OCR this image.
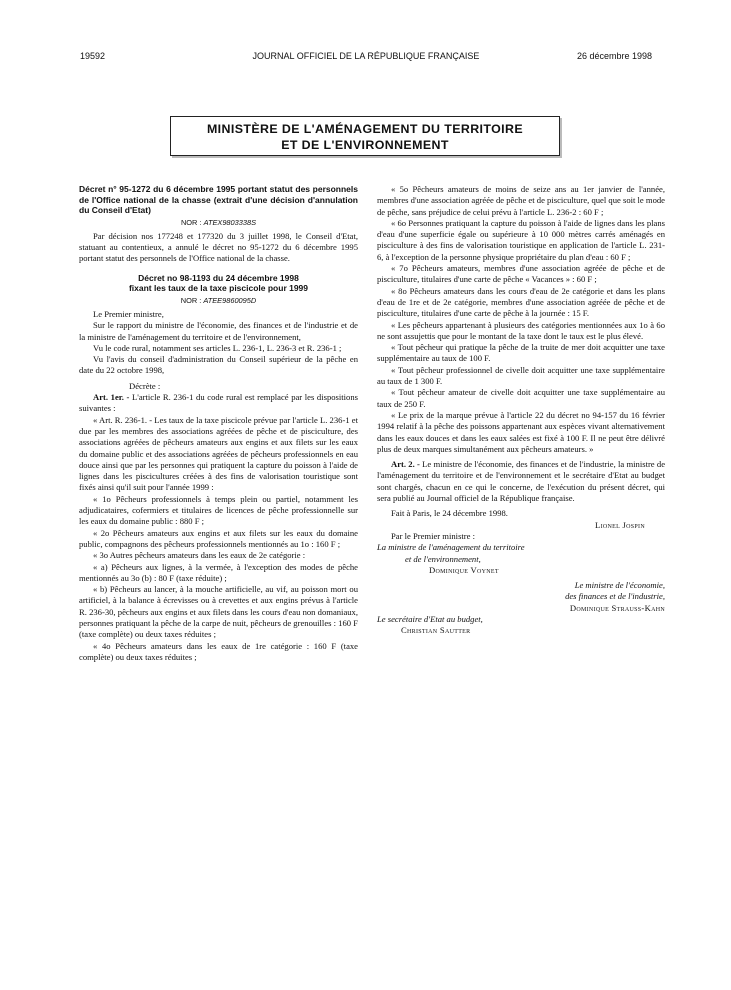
19592	JOURNAL OFFICIEL DE LA RÉPUBLIQUE FRANÇAISE	26 décembre 1998
MINISTÈRE DE L'AMÉNAGEMENT DU TERRITOIRE
ET DE L'ENVIRONNEMENT

Décret n° 95-1272 du 6 décembre 1995 portant statut des personnels de l'Office national de la chasse (extrait d'une décision d'annulation du Conseil d'Etat)

NOR : ATEX9803338S

Par décision nos 177248 et 177320 du 3 juillet 1998, le Conseil d'Etat, statuant au contentieux, a annulé le décret no 95-1272 du 6 décembre 1995 portant statut des personnels de l'Office national de la chasse.

Décret no 98-1193 du 24 décembre 1998

fixant les taux de la taxe piscicole pour 1999

NOR : ATEE9860095D

Le Premier ministre,

Sur le rapport du ministre de l'économie, des finances et de l'industrie et de la ministre de l'aménagement du territoire et de l'environnement,

Vu le code rural, notamment ses articles L. 236-1, L. 236-3 et R. 236-1 ;

Vu l'avis du conseil d'administration du Conseil supérieur de la pêche en date du 22 octobre 1998,

Décrète :

Art. 1er. - L'article R. 236-1 du code rural est remplacé par les dispositions suivantes :

« Art. R. 236-1. - Les taux de la taxe piscicole prévue par l'article L. 236-1 et due par les membres des associations agréées de pêche et de pisciculture, des associations agréées de pêcheurs amateurs aux engins et aux filets sur les eaux du domaine public et des associations agréées de pêcheurs professionnels en eau douce ainsi que par les personnes qui pratiquent la capture du poisson à l'aide de lignes dans les piscicultures créées à des fins de valorisation touristique sont fixés ainsi qu'il suit pour l'année 1999 :

« 1o Pêcheurs professionnels à temps plein ou partiel, notamment les adjudicataires, cofermiers et titulaires de licences de pêche professionnelle sur les eaux du domaine public : 880 F ;

« 2o Pêcheurs amateurs aux engins et aux filets sur les eaux du domaine public, compagnons des pêcheurs professionnels mentionnés au 1o : 160 F ;

« 3o Autres pêcheurs amateurs dans les eaux de 2e catégorie :

« a) Pêcheurs aux lignes, à la vermée, à l'exception des modes de pêche mentionnés au 3o (b) : 80 F (taxe réduite) ;

« b) Pêcheurs au lancer, à la mouche artificielle, au vif, au poisson mort ou artificiel, à la balance à écrevisses ou à crevettes et aux engins prévus à l'article R. 236-30, pêcheurs aux engins et aux filets dans les cours d'eau non domaniaux, personnes pratiquant la pêche de la carpe de nuit, pêcheurs de grenouilles : 160 F (taxe complète) ou deux taxes réduites ;

« 4o Pêcheurs amateurs dans les eaux de 1re catégorie : 160 F (taxe complète) ou deux taxes réduites ;

« 5o Pêcheurs amateurs de moins de seize ans au 1er janvier de l'année, membres d'une association agréée de pêche et de pisciculture, quel que soit le mode de pêche, sans préjudice de celui prévu à l'article L. 236-2 : 60 F ;

« 6o Personnes pratiquant la capture du poisson à l'aide de lignes dans les plans d'eau d'une superficie égale ou supérieure à 10 000 mètres carrés aménagés en pisciculture à des fins de valorisation touristique en application de l'article L. 231-6, à l'exception de la personne physique propriétaire du plan d'eau : 60 F ;

« 7o Pêcheurs amateurs, membres d'une association agréée de pêche et de pisciculture, titulaires d'une carte de pêche « Vacances » : 60 F ;

« 8o Pêcheurs amateurs dans les cours d'eau de 2e catégorie et dans les plans d'eau de 1re et de 2e catégorie, membres d'une association agréée de pêche et de pisciculture, titulaires d'une carte de pêche à la journée : 15 F.

« Les pêcheurs appartenant à plusieurs des catégories mentionnées aux 1o à 6o ne sont assujettis que pour le montant de la taxe dont le taux est le plus élevé.

« Tout pêcheur qui pratique la pêche de la truite de mer doit acquitter une taxe supplémentaire au taux de 100 F.

« Tout pêcheur professionnel de civelle doit acquitter une taxe supplémentaire au taux de 1 300 F.

« Tout pêcheur amateur de civelle doit acquitter une taxe supplémentaire au taux de 250 F.

« Le prix de la marque prévue à l'article 22 du décret no 94-157 du 16 février 1994 relatif à la pêche des poissons appartenant aux espèces vivant alternativement dans les eaux douces et dans les eaux salées est fixé à 100 F. Il ne peut être délivré plus de deux marques simultanément aux pêcheurs amateurs. »

Art. 2. - Le ministre de l'économie, des finances et de l'industrie, la ministre de l'aménagement du territoire et de l'environnement et le secrétaire d'Etat au budget sont chargés, chacun en ce qui le concerne, de l'exécution du présent décret, qui sera publié au Journal officiel de la République française.

Fait à Paris, le 24 décembre 1998.

Lionel Jospin

Par le Premier ministre :

La ministre de l'aménagement du territoire

et de l'environnement,

Dominique Voynet

Le ministre de l'économie,

des finances et de l'industrie,

Dominique Strauss-Kahn

Le secrétaire d'Etat au budget,

Christian Sautter
